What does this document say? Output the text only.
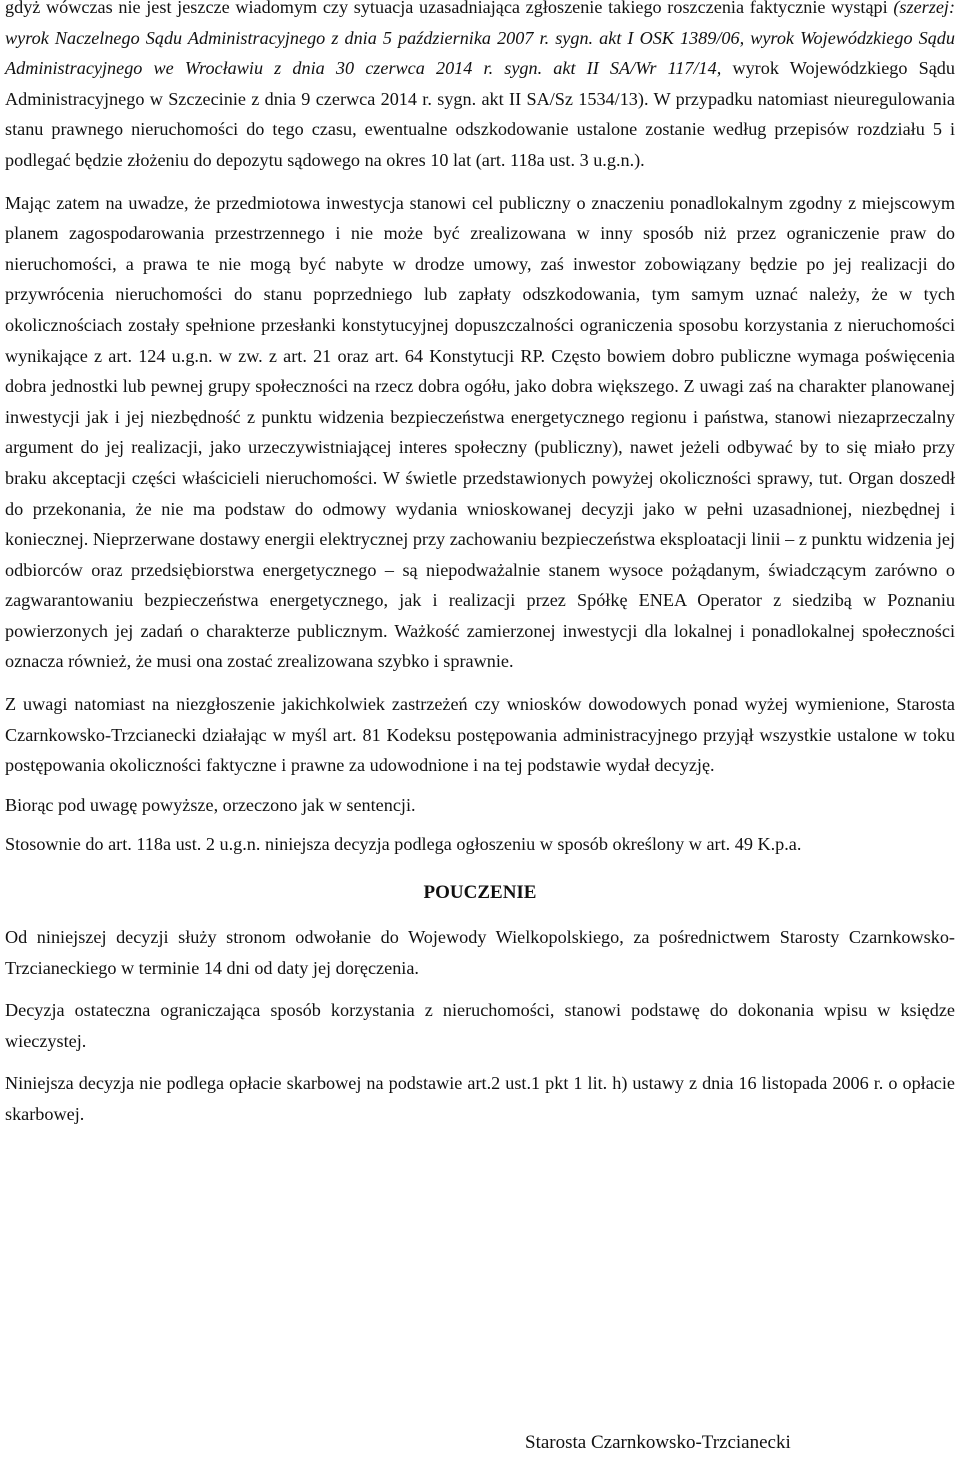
gdyż wówczas nie jest jeszcze wiadomym czy sytuacja uzasadniająca zgłoszenie takiego roszczenia faktycznie wystąpi (szerzej: wyrok Naczelnego Sądu Administracyjnego z dnia 5 października 2007 r. sygn. akt I OSK 1389/06, wyrok Wojewódzkiego Sądu Administracyjnego we Wrocławiu z dnia 30 czerwca 2014 r. sygn. akt II SA/Wr 117/14, wyrok Wojewódzkiego Sądu Administracyjnego w Szczecinie z dnia 9 czerwca 2014 r. sygn. akt II SA/Sz 1534/13). W przypadku natomiast nieuregulowania stanu prawnego nieruchomości do tego czasu, ewentualne odszkodowanie ustalone zostanie według przepisów rozdziału 5 i podlegać będzie złożeniu do depozytu sądowego na okres 10 lat (art. 118a ust. 3 u.g.n.).

Mając zatem na uwadze, że przedmiotowa inwestycja stanowi cel publiczny o znaczeniu ponadlokalnym zgodny z miejscowym planem zagospodarowania przestrzennego i nie może być zrealizowana w inny sposób niż przez ograniczenie praw do nieruchomości, a prawa te nie mogą być nabyte w drodze umowy, zaś inwestor zobowiązany będzie po jej realizacji do przywrócenia nieruchomości do stanu poprzedniego lub zapłaty odszkodowania, tym samym uznać należy, że w tych okolicznościach zostały spełnione przesłanki konstytucyjnej dopuszczalności ograniczenia sposobu korzystania z nieruchomości wynikające z art. 124 u.g.n. w zw. z art. 21 oraz art. 64 Konstytucji RP. Często bowiem dobro publiczne wymaga poświęcenia dobra jednostki lub pewnej grupy społeczności na rzecz dobra ogółu, jako dobra większego. Z uwagi zaś na charakter planowanej inwestycji jak i jej niezbędność z punktu widzenia bezpieczeństwa energetycznego regionu i państwa, stanowi niezaprzeczalny argument do jej realizacji, jako urzeczywistniającej interes społeczny (publiczny), nawet jeżeli odbywać by to się miało przy braku akceptacji części właścicieli nieruchomości. W świetle przedstawionych powyżej okoliczności sprawy, tut. Organ doszedł do przekonania, że nie ma podstaw do odmowy wydania wnioskowanej decyzji jako w pełni uzasadnionej, niezbędnej i koniecznej. Nieprzerwane dostawy energii elektrycznej przy zachowaniu bezpieczeństwa eksploatacji linii – z punktu widzenia jej odbiorców oraz przedsiębiorstwa energetycznego – są niepodważalnie stanem wysoce pożądanym, świadczącym zarówno o zagwarantowaniu bezpieczeństwa energetycznego, jak i realizacji przez Spółkę ENEA Operator z siedzibą w Poznaniu powierzonych jej zadań o charakterze publicznym. Ważkość zamierzonej inwestycji dla lokalnej i ponadlokalnej społeczności oznacza również, że musi ona zostać zrealizowana szybko i sprawnie.

Z uwagi natomiast na niezgłoszenie jakichkolwiek zastrzeżeń czy wniosków dowodowych ponad wyżej wymienione, Starosta Czarnkowsko-Trzcianecki działając w myśl art. 81 Kodeksu postępowania administracyjnego przyjął wszystkie ustalone w toku postępowania okoliczności faktyczne i prawne za udowodnione i na tej podstawie wydał decyzję.

Biorąc pod uwagę powyższe, orzeczono jak w sentencji.

Stosownie do art. 118a ust. 2 u.g.n. niniejsza decyzja podlega ogłoszeniu w sposób określony w art. 49 K.p.a.

POUCZENIE

Od niniejszej decyzji służy stronom odwołanie do Wojewody Wielkopolskiego, za pośrednictwem Starosty Czarnkowsko-Trzcianeckiego w terminie 14 dni od daty jej doręczenia.

Decyzja ostateczna ograniczająca sposób korzystania z nieruchomości, stanowi podstawę do dokonania wpisu w księdze wieczystej.

Niniejsza decyzja nie podlega opłacie skarbowej na podstawie art.2 ust.1 pkt 1 lit. h) ustawy z dnia 16 listopada 2006 r. o opłacie skarbowej.

Starosta Czarnkowsko-Trzcianecki
